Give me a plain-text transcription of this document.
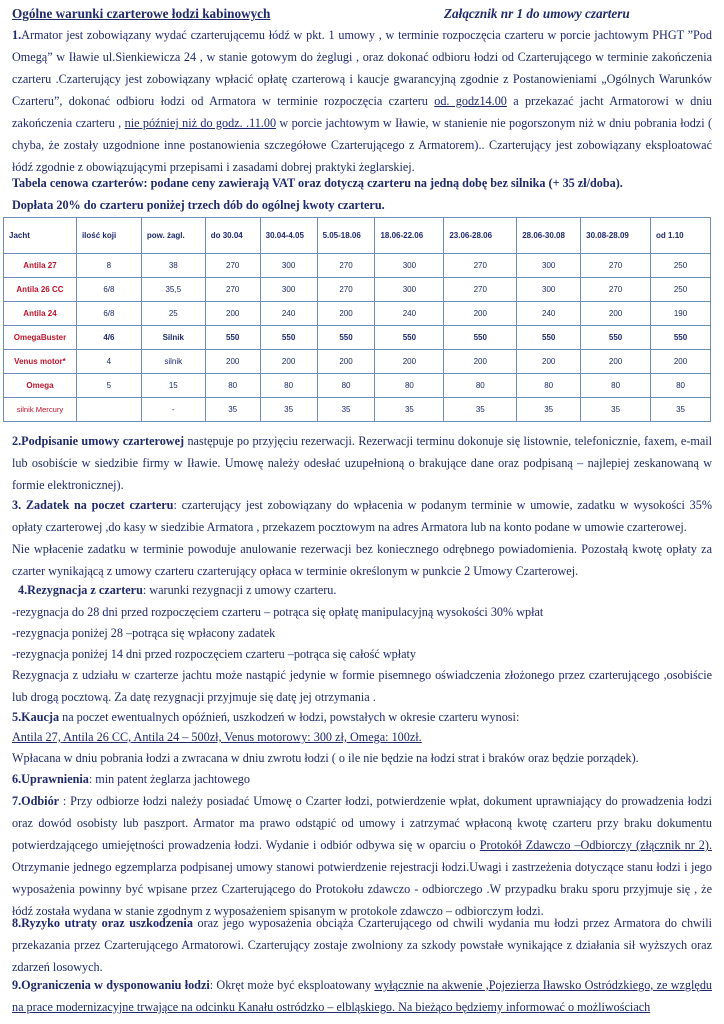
Ogólne warunki czarterowe łodzi kabinowych	Załącznik nr 1 do umowy czarteru
1.Armator jest zobowiązany wydać czarterującemu łódź w pkt. 1 umowy , w terminie rozpoczęcia czarteru w porcie jachtowym PHGT ”Pod Omegą” w Iławie ul.Sienkiewicza 24 , w stanie gotowym do żeglugi , oraz dokonać odbioru łodzi od Czarterującego w terminie zakończenia czarteru .Czarterujący jest zobowiązany wpłacić opłatę czarterową i kaucje gwarancyjną zgodnie z Postanowieniami „Ogólnych Warunków Czarteru”, dokonać odbioru łodzi od Armatora w terminie rozpoczęcia czarteru od. godz14.00 a przekazać jacht Armatorowi w dniu zakończenia czarteru , nie później niż do godz. .11.00 w porcie jachtowym w Iławie, w stanienie nie pogorszonym niż w dniu pobrania łodzi ( chyba, że zostały uzgodnione inne postanowienia szczegółowe Czarterującego z Armatorem).. Czarterujący jest zobowiązany eksploatować łódź zgodnie z obowiązującymi przepisami i zasadami dobrej praktyki żeglarskiej.
Tabela cenowa czarterów: podane ceny zawierają VAT oraz dotyczą czarteru na jedną dobę bez silnika (+ 35 zł/doba).
Dopłata 20% do czarteru poniżej trzech dób do ogólnej kwoty czarteru.
Jacht	ilość koji	pow. żagl.	do 30.04	30.04-4.05	5.05-18.06	18.06-22.06	23.06-28.06	28.06-30.08	30.08-28.09	od 1.10
Antila 27	8	38	270	300	270	300	270	300	270	250
Antila 26 CC	6/8	35,5	270	300	270	300	270	300	270	250
Antila 24	6/8	25	200	240	200	240	200	240	200	190
OmegaBuster	4/6	Silnik	550	550	550	550	550	550	550	550
Venus motor*	4	silnik	200	200	200	200	200	200	200	200
Omega	5	15	80	80	80	80	80	80	80	80
silnik Mercury		-	35	35	35	35	35	35	35	35
2.Podpisanie umowy czarterowej następuje po przyjęciu rezerwacji. Rezerwacji terminu dokonuje się listownie, telefonicznie, faxem, e-mail lub osobiście w siedzibie firmy w Iławie. Umowę należy odesłać uzupełnioną o brakujące dane oraz podpisaną – najlepiej zeskanowaną w formie elektronicznej).
3. Zadatek na poczet czarteru: czarterujący jest zobowiązany do wpłacenia w podanym terminie w umowie, zadatku w wysokości 35% opłaty czarterowej ,do kasy w siedzibie Armatora , przekazem pocztowym na adres Armatora lub na konto podane w umowie czarterowej.
Nie wpłacenie zadatku w terminie powoduje anulowanie rezerwacji bez koniecznego odrębnego powiadomienia. Pozostałą kwotę opłaty za czarter wynikającą z umowy czarteru czarterujący opłaca w terminie określonym w punkcie 2 Umowy Czarterowej.
4.Rezygnacja z czarteru: warunki rezygnacji z umowy czarteru.
-rezygnacja do 28 dni przed rozpoczęciem czarteru – potrąca się opłatę manipulacyjną wysokości 30% wpłat
-rezygnacja poniżej 28 –potrąca się wpłacony zadatek
-rezygnacja poniżej 14 dni przed rozpoczęciem czarteru –potrąca się całość wpłaty
Rezygnacja z udziału w czarterze jachtu może nastąpić jedynie w formie pisemnego oświadczenia złożonego przez czarterującego ,osobiście lub drogą pocztową. Za datę rezygnacji przyjmuje się datę jej otrzymania .
5.Kaucja na poczet ewentualnych opóźnień, uszkodzeń w łodzi, powstałych w okresie czarteru wynosi:
Antila 27, Antila 26 CC, Antila 24 – 500zł, Venus motorowy: 300 zł, Omega: 100zł.
Wpłacana w dniu pobrania łodzi a zwracana w dniu zwrotu łodzi ( o ile nie będzie na łodzi strat i braków oraz będzie porządek).
6.Uprawnienia: min patent żeglarza jachtowego
7.Odbiór : Przy odbiorze łodzi należy posiadać Umowę o Czarter łodzi, potwierdzenie wpłat, dokument uprawniający do prowadzenia łodzi oraz dowód osobisty lub paszport. Armator ma prawo odstąpić od umowy i zatrzymać wpłaconą kwotę czarteru przy braku dokumentu potwierdzającego umiejętności prowadzenia łodzi. Wydanie i odbiór odbywa się w oparciu o Protokół Zdawczo –Odbiorczy (złącznik nr 2). Otrzymanie jednego egzemplarza podpisanej umowy stanowi potwierdzenie rejestracji łodzi.Uwagi i zastrzeżenia dotyczące stanu łodzi i jego wyposażenia powinny być wpisane przez Czarterującego do Protokołu zdawczo - odbiorczego .W przypadku braku sporu przyjmuje się , że łódź została wydana w stanie zgodnym z wyposażeniem spisanym w protokole zdawczo – odbiorczym łodzi.
8.Ryzyko utraty oraz uszkodzenia oraz jego wyposażenia obciąża Czarterującego od chwili wydania mu łodzi przez Armatora do chwili przekazania przez Czarterującego Armatorowi. Czarterujący zostaje zwolniony za szkody powstałe wynikające z działania sił wyższych oraz zdarzeń losowych.
9.Ograniczenia w dysponowaniu łodzi: Okręt może być eksploatowany wyłącznie na akwenie ,Pojezierza Iławsko Ostródzkiego, ze względu na prace modernizacyjne trwające na odcinku Kanału ostródzko – elbląskiego. Na bieżąco będziemy informować o możliwościach
